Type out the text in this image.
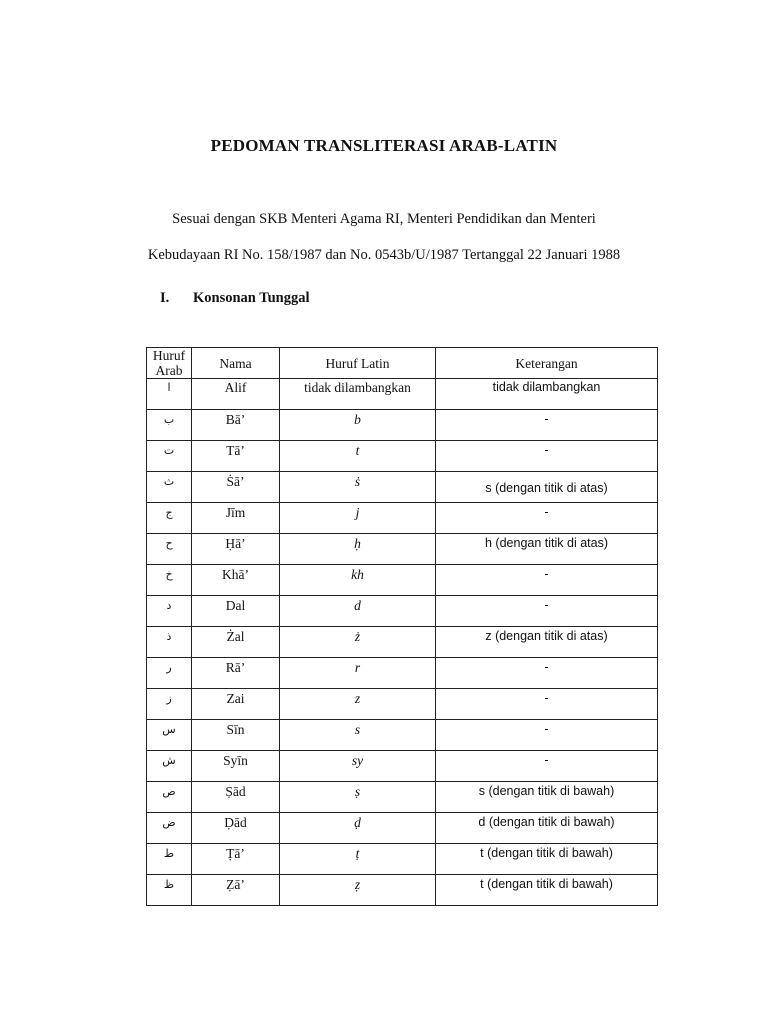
PEDOMAN TRANSLITERASI ARAB-LATIN
Sesuai dengan SKB Menteri Agama RI, Menteri Pendidikan dan Menteri
Kebudayaan RI No. 158/1987 dan No. 0543b/U/1987 Tertanggal 22 Januari 1988
I. Konsonan Tunggal
Huruf Arab	Nama	Huruf Latin	Keterangan
ا	Alif	tidak dilambangkan	tidak dilambangkan
ب	Bā’	b	-
ت	Tā’	t	-
ث	Ṡā’	ṡ	s (dengan titik di atas)
ج	Jīm	j	-
ح	Ḥā’	ḥ	h (dengan titik di atas)
خ	Khā’	kh	-
د	Dal	d	-
ذ	Żal	ż	z (dengan titik di atas)
ر	Rā’	r	-
ز	Zai	z	-
س	Sīn	s	-
ش	Syīn	sy	-
ص	Ṣād	ṣ	s (dengan titik di bawah)
ض	Ḍād	ḍ	d (dengan titik di bawah)
ط	Ṭā’	ṭ	t (dengan titik di bawah)
ظ	Ẓā’	ẓ	t (dengan titik di bawah)
